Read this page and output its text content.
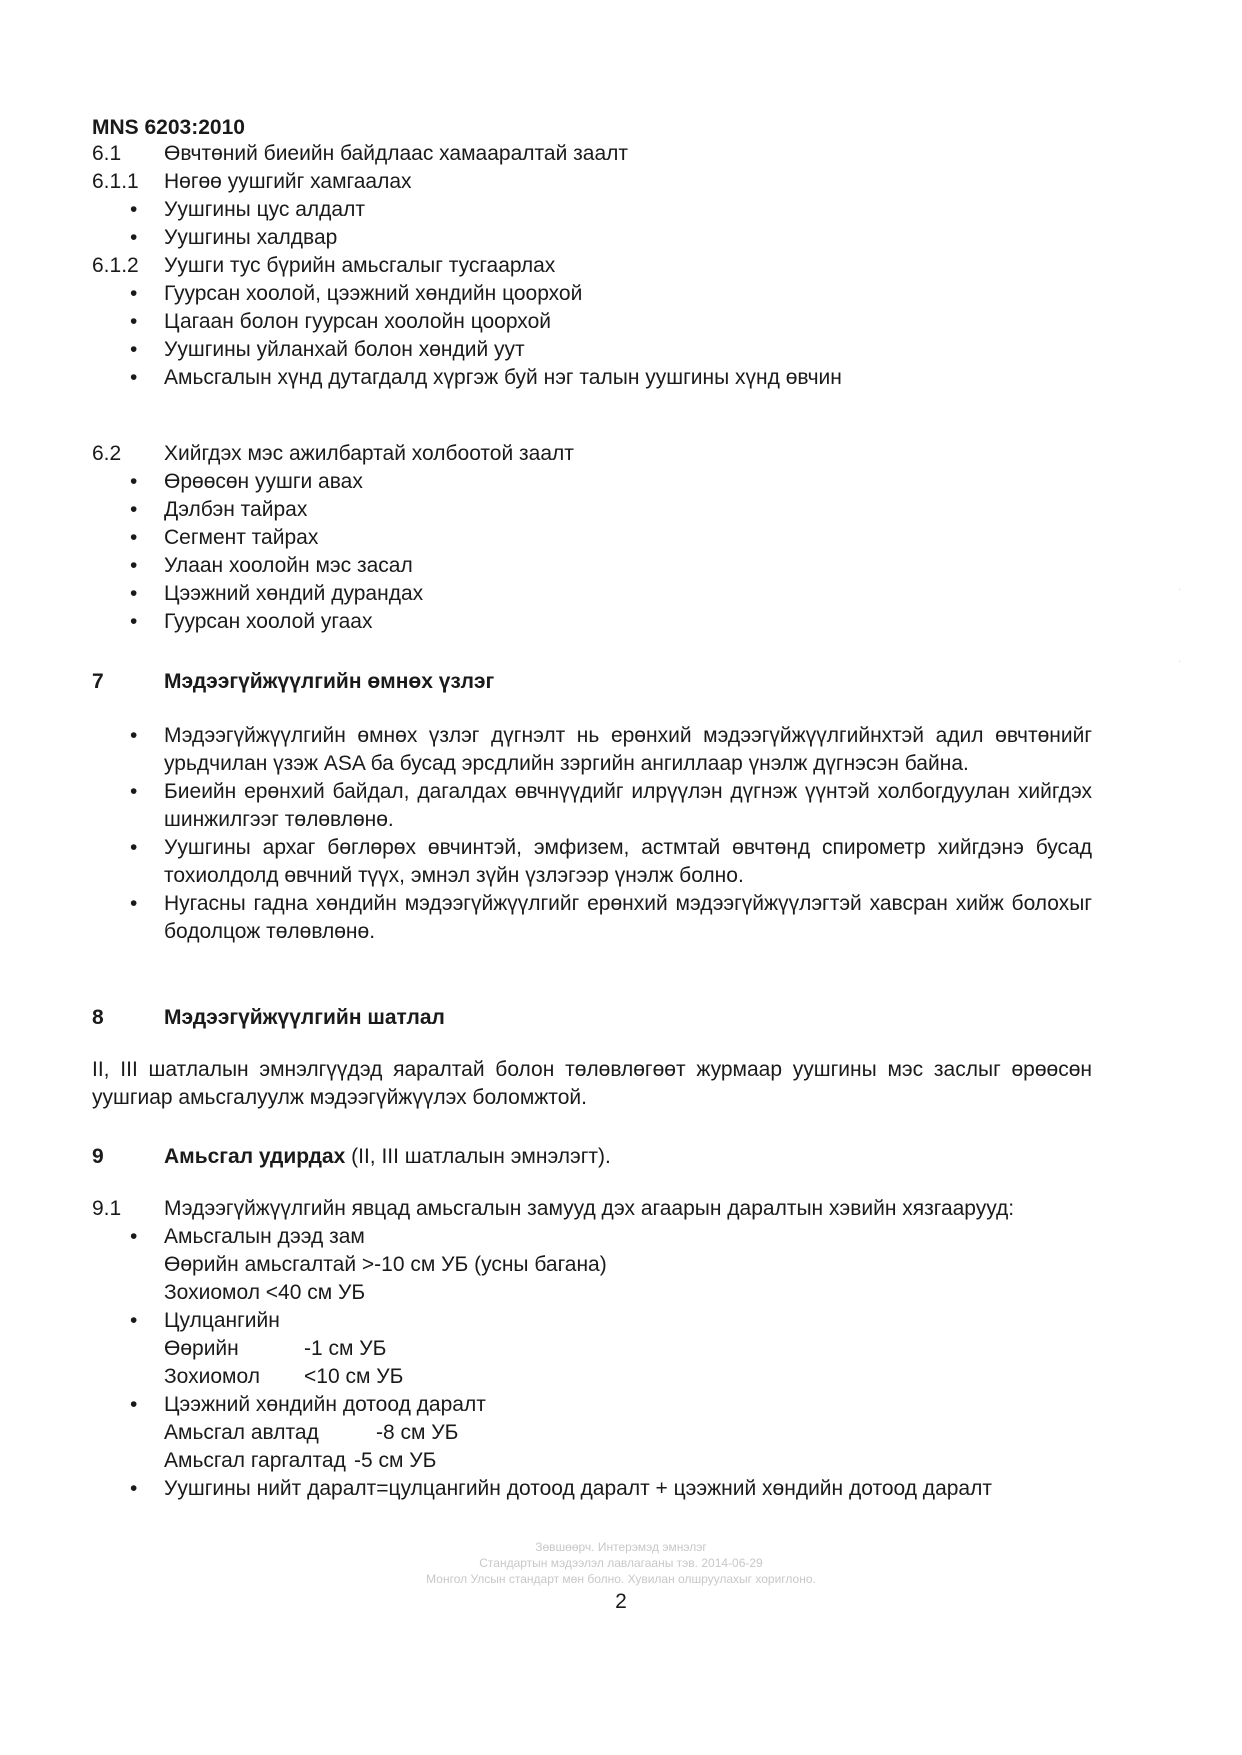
MNS 6203:2010
6.1	Өвчтөний биеийн байдлаас хамааралтай заалт
6.1.1	Нөгөө уушгийг хамгаалах
• Уушгины цус алдалт
• Уушгины халдвар
6.1.2	Уушги тус бүрийн амьсгалыг тусгаарлах
• Гуурсан хоолой, цээжний хөндийн цоорхой
• Цагаан болон гуурсан хоолойн цоорхой
• Уушгины уйланхай болон хөндий уут
• Амьсгалын хүнд дутагдалд хүргэж буй нэг талын уушгины хүнд өвчин
6.2	Хийгдэх мэс ажилбартай холбоотой заалт
• Өрөөсөн уушги авах
• Дэлбэн тайрах
• Сегмент тайрах
• Улаан хоолойн мэс засал
• Цээжний хөндий дурандах
• Гуурсан хоолой угаах
7	Мэдээгүйжүүлгийн өмнөх үзлэг
• Мэдээгүйжүүлгийн өмнөх үзлэг дүгнэлт нь ерөнхий мэдээгүйжүүлгийнхтэй адил өвчтөнийг урьдчилан үзэж ASA ба бусад эрсдлийн зэргийн ангиллаар үнэлж дүгнэсэн байна.
• Биеийн ерөнхий байдал, дагалдах өвчнүүдийг илрүүлэн дүгнэж үүнтэй холбогдуулан хийгдэх шинжилгээг төлөвлөнө.
• Уушгины архаг бөглөрөх өвчинтэй, эмфизем, астмтай өвчтөнд спирометр хийгдэнэ бусад тохиолдолд өвчний түүх, эмнэл зүйн үзлэгээр үнэлж болно.
• Нугасны гадна хөндийн мэдээгүйжүүлгийг ерөнхий мэдээгүйжүүлэгтэй хавсран хийж болохыг бодолцож төлөвлөнө.
8	Мэдээгүйжүүлгийн шатлал
II, III шатлалын эмнэлгүүдэд яаралтай болон төлөвлөгөөт журмаар уушгины мэс заслыг өрөөсөн уушгиар амьсгалуулж мэдээгүйжүүлэх боломжтой.
9	Амьсгал удирдах (II, III шатлалын эмнэлэгт).
9.1 Мэдээгүйжүүлгийн явцад амьсгалын замууд дэх агаарын даралтын хэвийн хязгаарууд:
• Амьсгалын дээд зам
Өөрийн амьсгалтай >-10 см УБ (усны багана)
Зохиомол <40 см УБ
• Цулцангийн
Өөрийн	-1 см УБ
Зохиомол <10 см УБ
• Цээжний хөндийн дотоод даралт
Амьсгал авлтад	-8 см УБ
Амьсгал гаргалтад -5 см УБ
• Уушгины нийт даралт=цулцангийн дотоод даралт + цээжний хөндийн дотоод даралт
Зөвшөөрч. Интерэмэд эмнэлэг
Стандартын мэдээлэл лавлагааны тэв. 2014-06-29
Монгол Улсын стандарт мөн болно. Хувилан олшруулахыг хориглоно.
2
·
·
